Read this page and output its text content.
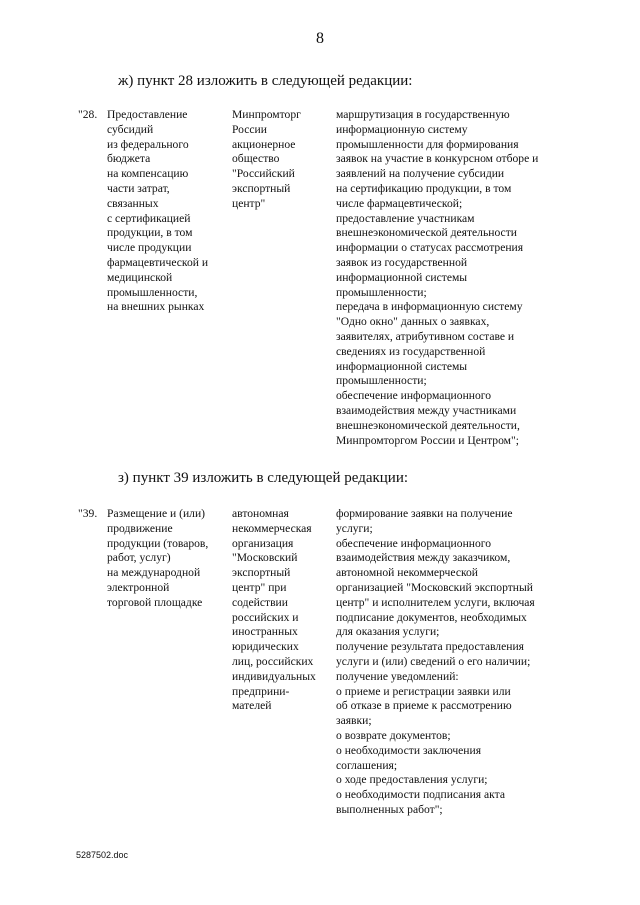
8
ж) пункт 28 изложить в следующей редакции:
"28. Предоставление
субсидий
из федерального
бюджета
на компенсацию
части затрат,
связанных
с сертификацией
продукции, в том
числе продукции
фармацевтической и
медицинской
промышленности,
на внешних рынках
Минпромторг
России
акционерное
общество
"Российский
экспортный
центр"
маршрутизация в государственную
информационную систему
промышленности для формирования
заявок на участие в конкурсном отборе и
заявлений на получение субсидии
на сертификацию продукции, в том
числе фармацевтической;
предоставление участникам
внешнеэкономической деятельности
информации о статусах рассмотрения
заявок из государственной
информационной системы
промышленности;
передача в информационную систему
"Одно окно" данных о заявках,
заявителях, атрибутивном составе и
сведениях из государственной
информационной системы
промышленности;
обеспечение информационного
взаимодействия между участниками
внешнеэкономической деятельности,
Минпромторгом России и Центром";
з) пункт 39 изложить в следующей редакции:
"39. Размещение и (или)
продвижение
продукции (товаров,
работ, услуг)
на международной
электронной
торговой площадке
автономная
некоммерческая
организация
"Московский
экспортный
центр" при
содействии
российских и
иностранных
юридических
лиц, российских
индивидуальных
предприни-
мателей
формирование заявки на получение
услуги;
обеспечение информационного
взаимодействия между заказчиком,
автономной некоммерческой
организацией "Московский экспортный
центр" и исполнителем услуги, включая
подписание документов, необходимых
для оказания услуги;
получение результата предоставления
услуги и (или) сведений о его наличии;
получение уведомлений:
о приеме и регистрации заявки или
об отказе в приеме к рассмотрению
заявки;
о возврате документов;
о необходимости заключения
соглашения;
о ходе предоставления услуги;
о необходимости подписания акта
выполненных работ";
5287502.doc
